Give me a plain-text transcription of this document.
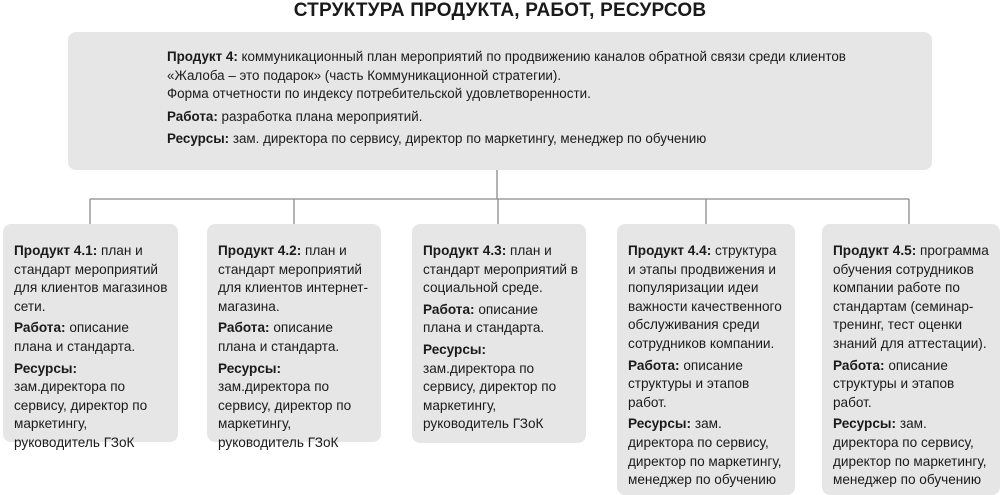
СТРУКТУРА ПРОДУКТА, РАБОТ, РЕСУРСОВ

Продукт 4: коммуникационный план мероприятий по продвижению каналов обратной связи среди клиентов
«Жалоба – это подарок» (часть Коммуникационной стратегии).
Форма отчетности по индексу потребительской удовлетворенности.

Работа: разработка плана мероприятий.

Ресурсы: зам. директора по сервису, директор по маркетингу, менеджер по обучению

Продукт 4.1: план и стандарт мероприятий для клиентов магазинов сети.

Работа: описание плана и стандарта.

Ресурсы: зам.директора по сервису, директор по маркетингу, руководитель ГЗоК

Продукт 4.2: план и стандарт мероприятий для клиентов интернет-магазина.

Работа: описание плана и стандарта.

Ресурсы: зам.директора по сервису, директор по маркетингу, руководитель ГЗоК

Продукт 4.3: план и стандарт мероприятий в социальной среде.

Работа: описание плана и стандарта.

Ресурсы: зам.директора по сервису, директор по маркетингу, руководитель ГЗоК

Продукт 4.4: структура и этапы продвижения и популяризации идеи важности качественного обслуживания среди сотрудников компании.

Работа: описание структуры и этапов работ.

Ресурсы: зам. директора по сервису, директор по маркетингу, менеджер по обучению

Продукт 4.5: программа обучения сотрудников компании работе по стандартам (семинар-тренинг, тест оценки знаний для аттестации).

Работа: описание структуры и этапов работ.

Ресурсы: зам. директора по сервису, директор по маркетингу, менеджер по обучению
